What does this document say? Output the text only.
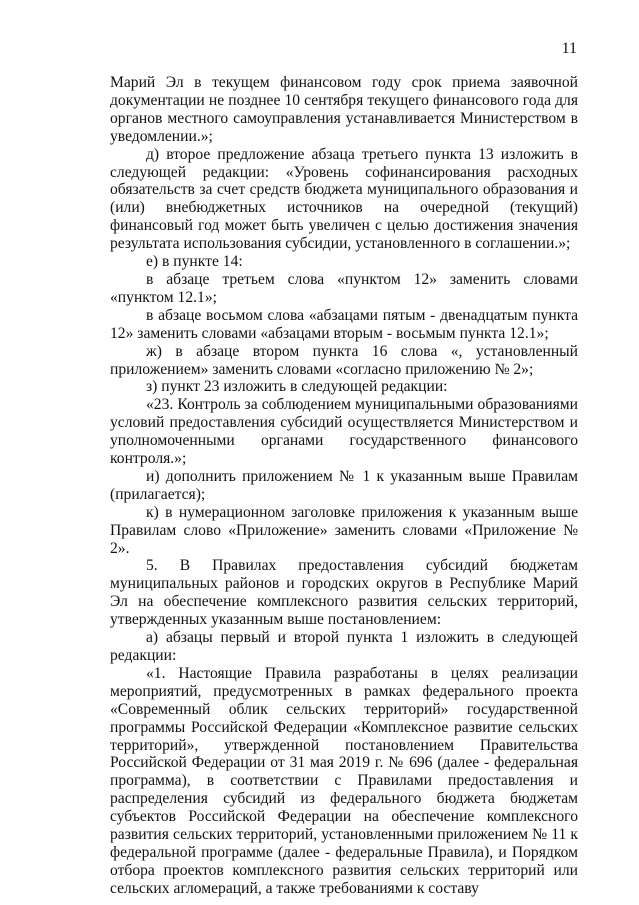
11

Марий Эл в текущем финансовом году срок приема заявочной документации не позднее 10 сентября текущего финансового года для органов местного самоуправления устанавливается Министерством в уведомлении.»;

д) второе предложение абзаца третьего пункта 13 изложить в следующей редакции: «Уровень софинансирования расходных обязательств за счет средств бюджета муниципального образования и (или) внебюджетных источников на очередной (текущий) финансовый год может быть увеличен с целью достижения значения результата использования субсидии, установленного в соглашении.»;

е) в пункте 14:

в абзаце третьем слова «пунктом 12» заменить словами «пунктом 12.1»;

в абзаце восьмом слова «абзацами пятым - двенадцатым пункта 12» заменить словами «абзацами вторым - восьмым пункта 12.1»;

ж) в абзаце втором пункта 16 слова «, установленный приложением» заменить словами «согласно приложению № 2»;

з) пункт 23 изложить в следующей редакции:

«23. Контроль за соблюдением муниципальными образованиями условий предоставления субсидий осуществляется Министерством и уполномоченными органами государственного финансового контроля.»;

и) дополнить приложением № 1 к указанным выше Правилам (прилагается);

к) в нумерационном заголовке приложения к указанным выше Правилам слово «Приложение» заменить словами «Приложение № 2».

5. В Правилах предоставления субсидий бюджетам муниципальных районов и городских округов в Республике Марий Эл на обеспечение комплексного развития сельских территорий, утвержденных указанным выше постановлением:

а) абзацы первый и второй пункта 1 изложить в следующей редакции:

«1. Настоящие Правила разработаны в целях реализации мероприятий, предусмотренных в рамках федерального проекта «Современный облик сельских территорий» государственной программы Российской Федерации «Комплексное развитие сельских территорий», утвержденной постановлением Правительства Российской Федерации от 31 мая 2019 г. № 696 (далее - федеральная программа), в соответствии с Правилами предоставления и распределения субсидий из федерального бюджета бюджетам субъектов Российской Федерации на обеспечение комплексного развития сельских территорий, установленными приложением № 11 к федеральной программе (далее - федеральные Правила), и Порядком отбора проектов комплексного развития сельских территорий или сельских агломераций, а также требованиями к составу
